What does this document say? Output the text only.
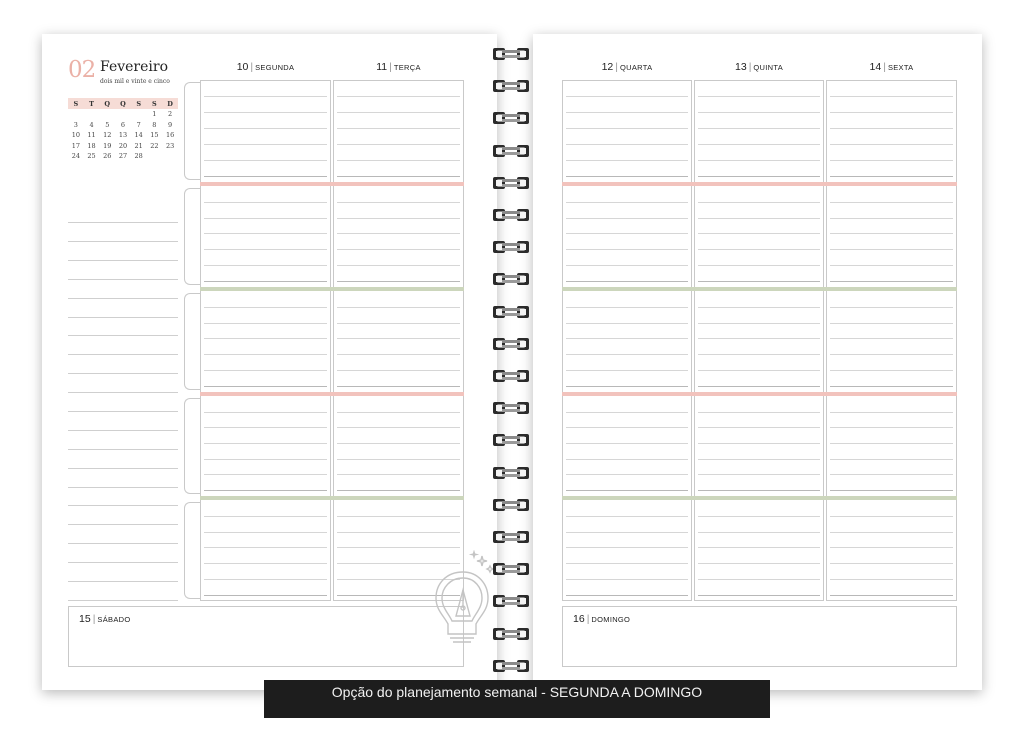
02 Fevereiro
dois mil e vinte e cinco
S	T	Q	Q	S	S	D
					1	2
3	4	5	6	7	8	9
10	11	12	13	14	15	16
17	18	19	20	21	22	23
24	25	26	27	28		
10 | SEGUNDA	11 | TERÇA
15 | SÁBADO
12 | QUARTA	13 | QUINTA	14 | SEXTA
16 | DOMINGO
Opção do planejamento semanal - SEGUNDA A DOMINGO
